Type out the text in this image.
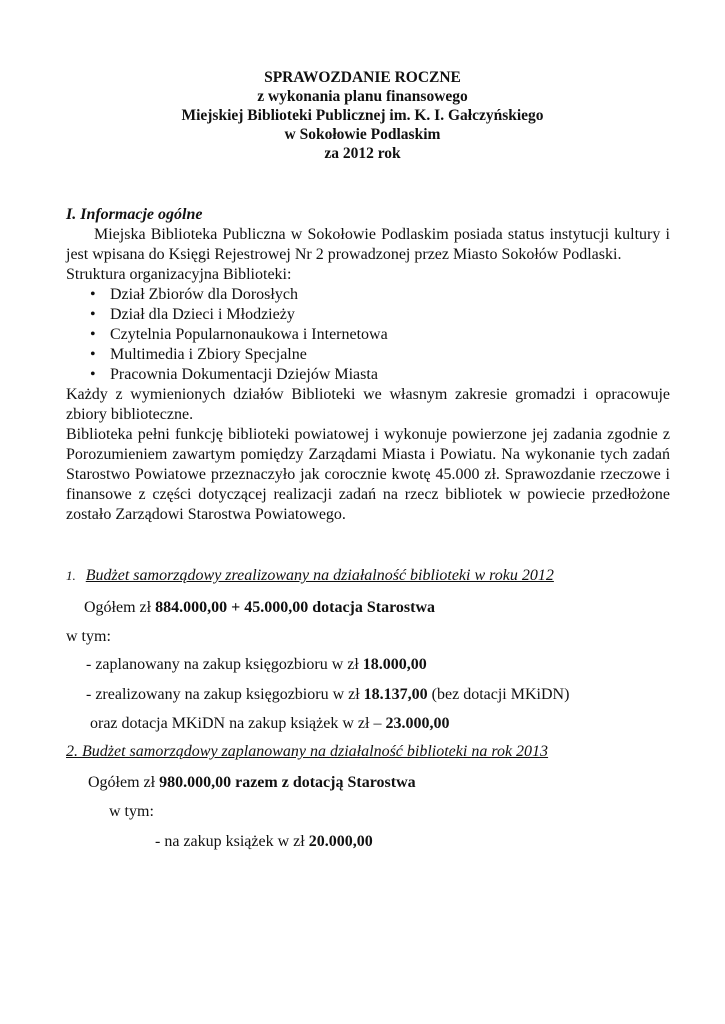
SPRAWOZDANIE ROCZNE
z wykonania planu finansowego
Miejskiej Biblioteki Publicznej im. K. I. Gałczyńskiego
w Sokołowie Podlaskim
za 2012 rok
I. Informacje ogólne
Miejska Biblioteka Publiczna w Sokołowie Podlaskim posiada status instytucji kultury i jest wpisana do Księgi Rejestrowej Nr 2 prowadzonej przez Miasto Sokołów Podlaski.
Struktura organizacyjna Biblioteki:
• Dział Zbiorów dla Dorosłych
• Dział dla Dzieci i Młodzieży
• Czytelnia Popularnonaukowa i Internetowa
• Multimedia i Zbiory Specjalne
• Pracownia Dokumentacji Dziejów Miasta
Każdy z wymienionych działów Biblioteki we własnym zakresie gromadzi i opracowuje zbiory biblioteczne.
Biblioteka pełni funkcję biblioteki powiatowej i wykonuje powierzone jej zadania zgodnie z Porozumieniem zawartym pomiędzy Zarządami Miasta i Powiatu. Na wykonanie tych zadań Starostwo Powiatowe przeznaczyło jak corocznie kwotę 45.000 zł. Sprawozdanie rzeczowe i finansowe z części dotyczącej realizacji zadań na rzecz bibliotek w powiecie przedłożone zostało Zarządowi Starostwa Powiatowego.
1. Budżet samorządowy zrealizowany na działalność biblioteki w roku 2012
Ogółem zł 884.000,00 + 45.000,00 dotacja Starostwa
w tym:
- zaplanowany na zakup księgozbioru w zł 18.000,00
- zrealizowany na zakup księgozbioru w zł 18.137,00 (bez dotacji MKiDN)
oraz dotacja MKiDN na zakup książek w zł – 23.000,00
2. Budżet samorządowy zaplanowany na działalność biblioteki na rok 2013
Ogółem zł 980.000,00 razem z dotacją Starostwa
w tym:
- na zakup książek w zł 20.000,00
